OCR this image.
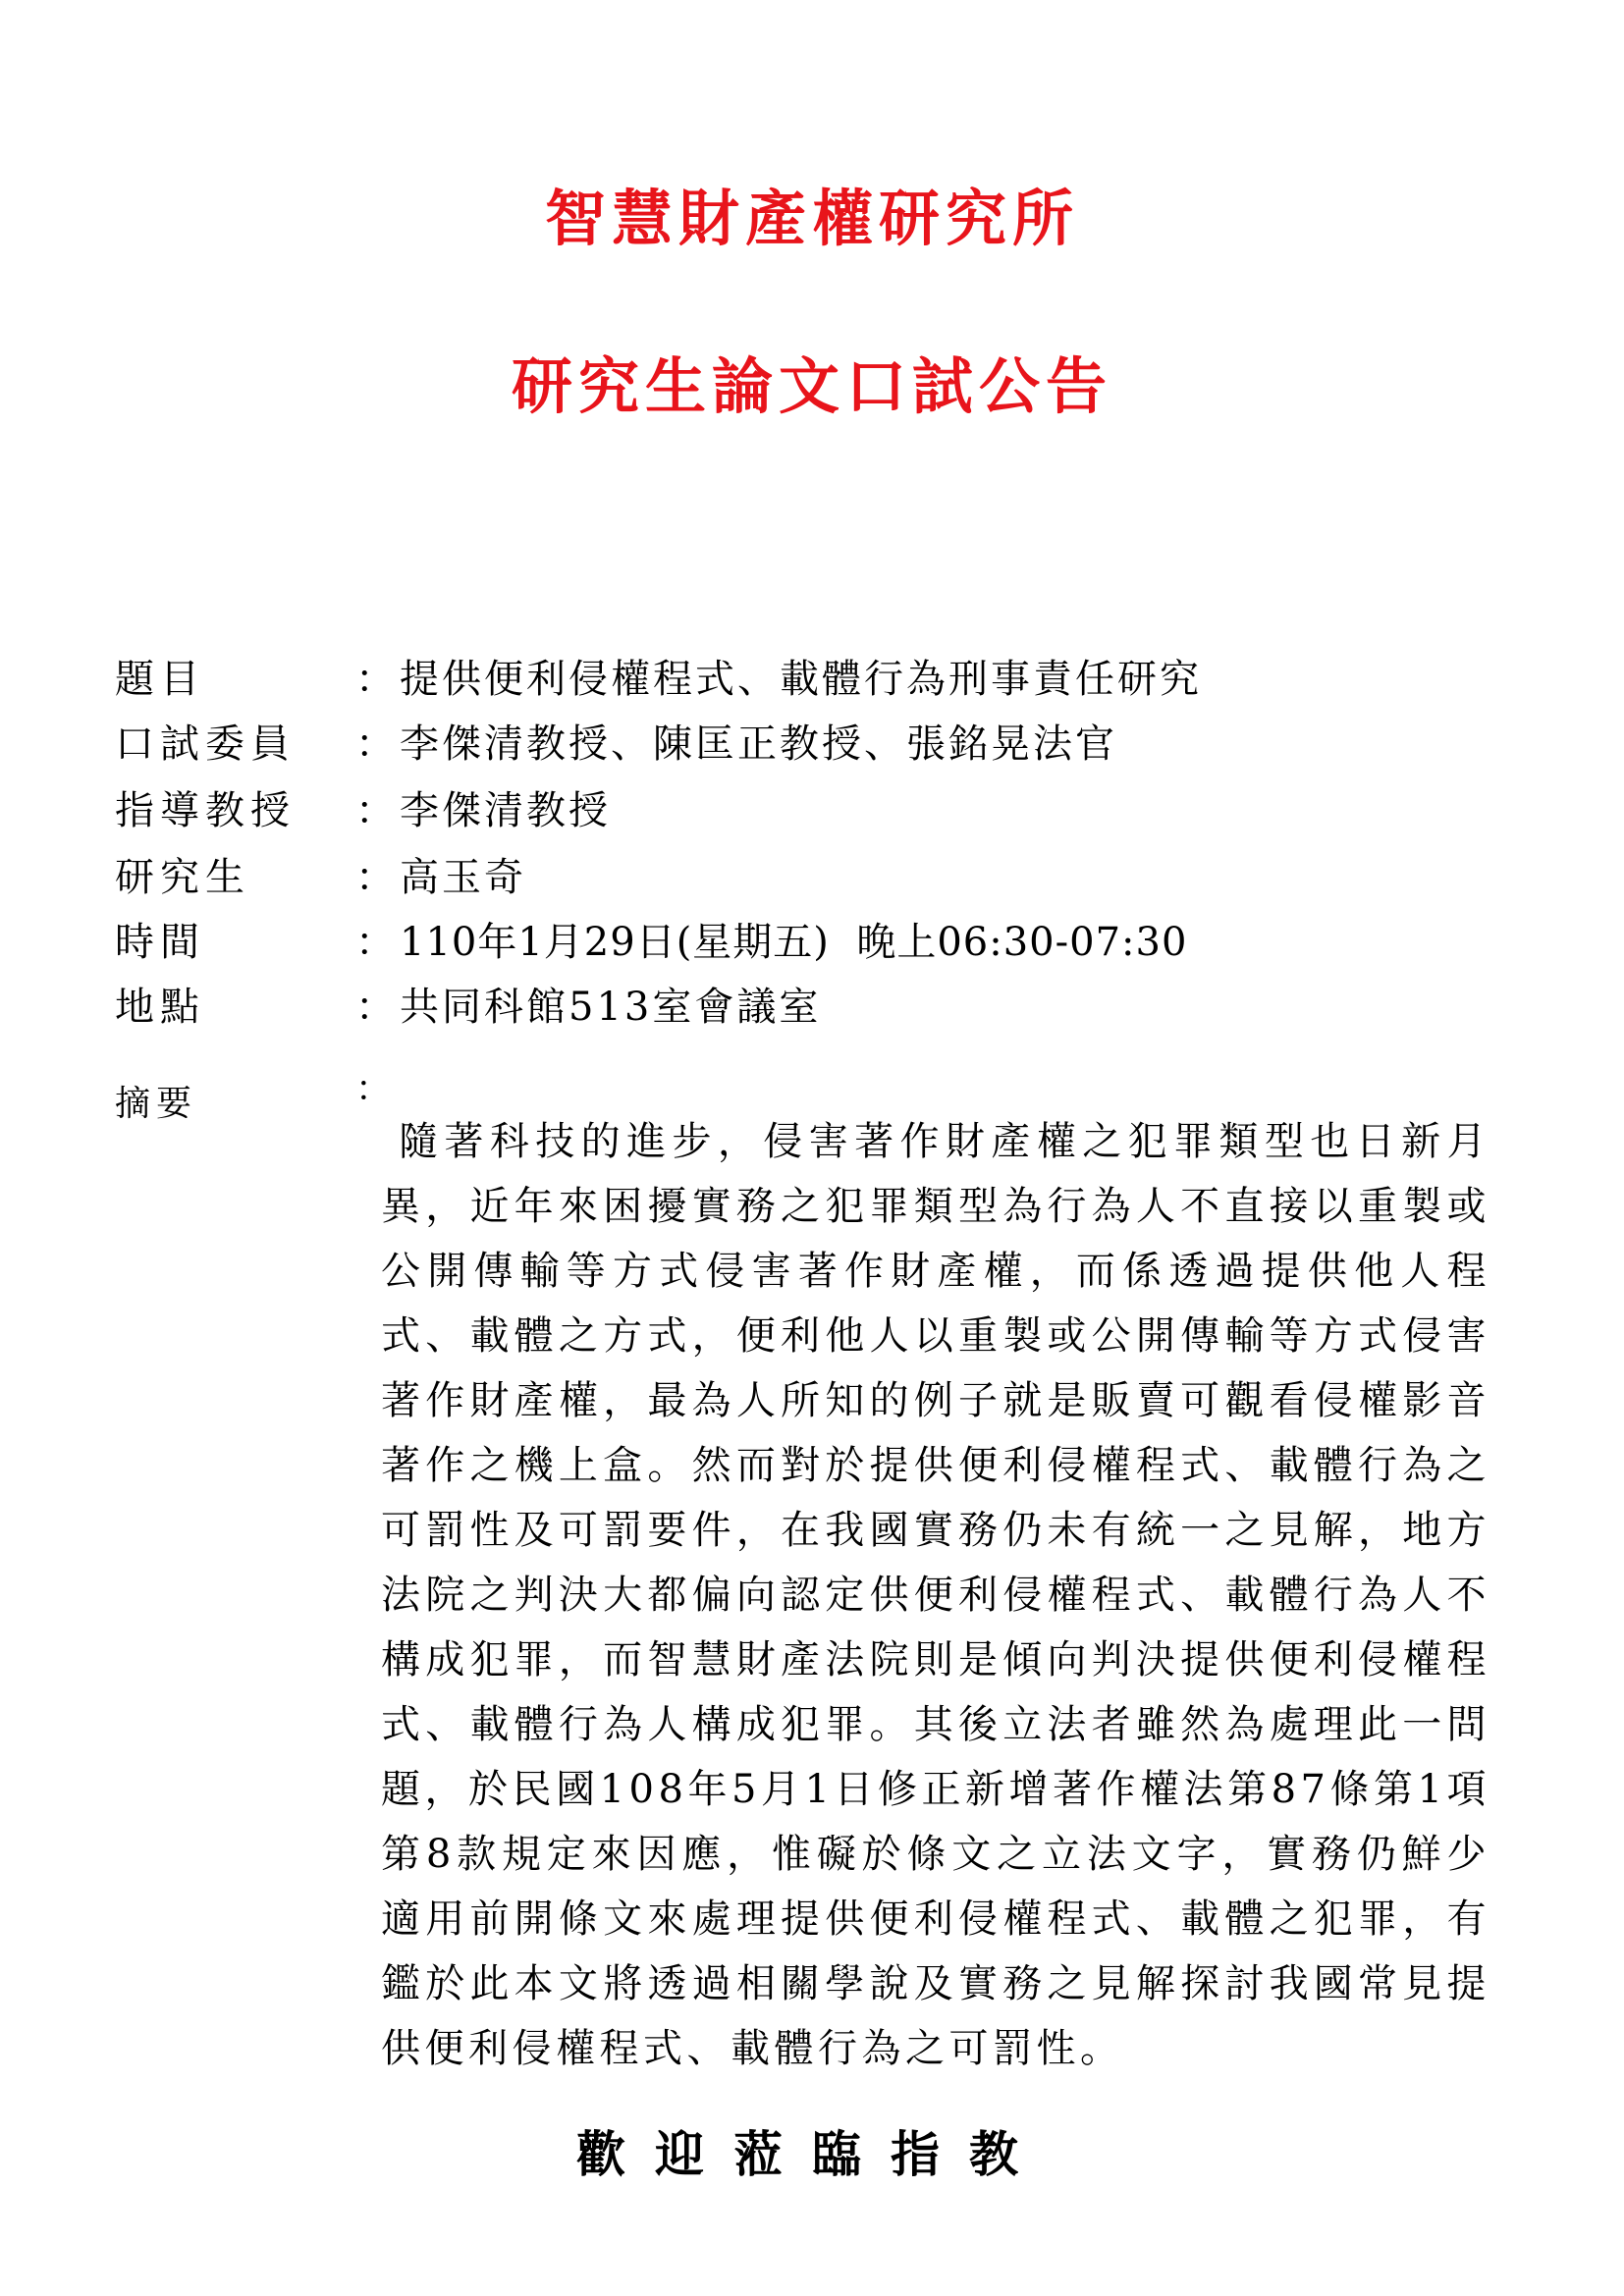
智慧財產權研究所
研究生論文口試公告
題目	： 提供便利侵權程式、載體行為刑事責任研究
口試委員 ： 李傑清教授、陳匡正教授、張銘晃法官
指導教授 ： 李傑清教授
研究生	： 高玉奇
時間	： 110年1月29日(星期五)  晚上06:30-07:30
地點	： 共同科館513室會議室
摘要	：

隨著科技的進步，侵害著作財產權之犯罪類型也日新月異，近年來困擾實務之犯罪類型為行為人不直接以重製或公開傳輸等方式侵害著作財產權，而係透過提供他人程式、載體之方式，便利他人以重製或公開傳輸等方式侵害著作財產權，最為人所知的例子就是販賣可觀看侵權影音著作之機上盒。然而對於提供便利侵權程式、載體行為之可罰性及可罰要件，在我國實務仍未有統一之見解，地方法院之判決大都偏向認定供便利侵權程式、載體行為人不構成犯罪，而智慧財產法院則是傾向判決提供便利侵權程式、載體行為人構成犯罪。其後立法者雖然為處理此一問題，於民國108年5月1日修正新增著作權法第87條第1項第8款規定來因應，惟礙於條文之立法文字，實務仍鮮少適用前開條文來處理提供便利侵權程式、載體之犯罪，有鑑於此本文將透過相關學說及實務之見解探討我國常見提供便利侵權程式、載體行為之可罰性。

歡迎蒞臨指教
